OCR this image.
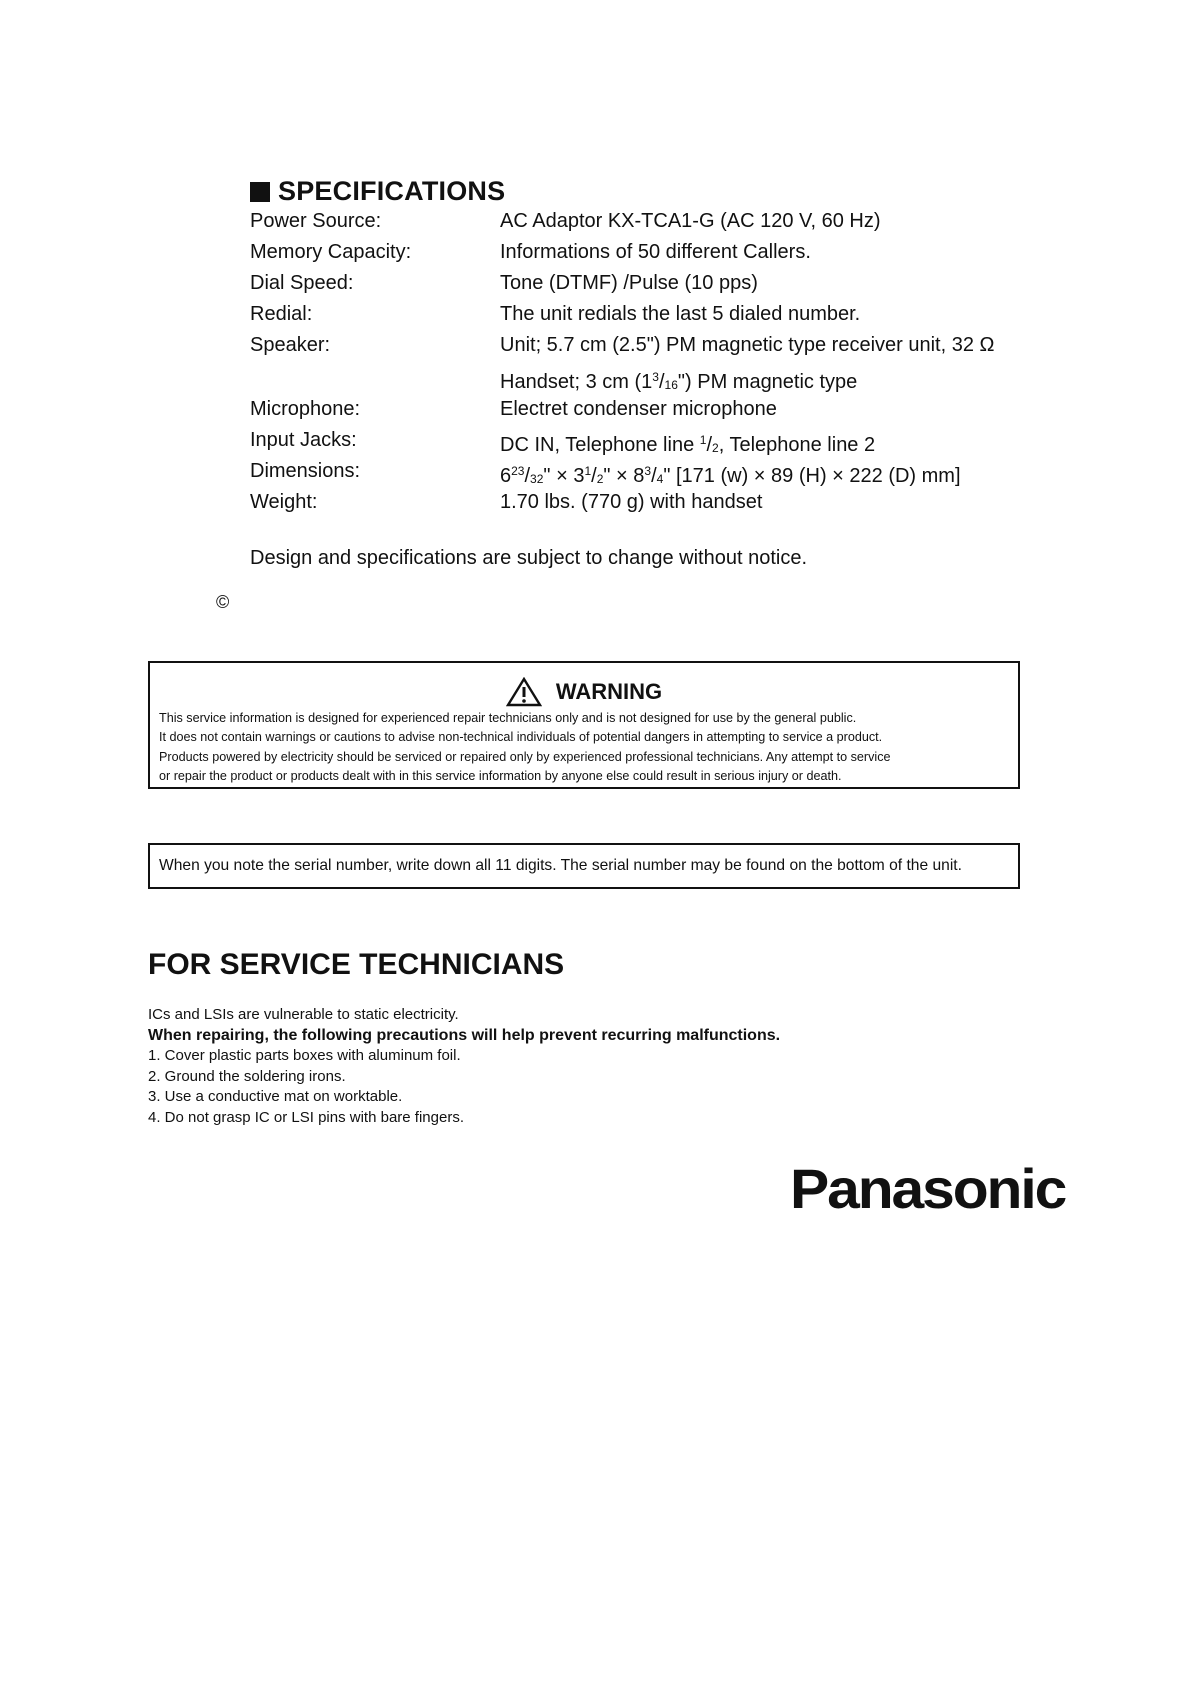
SPECIFICATIONS
Power Source:	AC Adaptor KX-TCA1-G (AC 120 V, 60 Hz)
Memory Capacity:	Informations of 50 different Callers.
Dial Speed:	Tone (DTMF) /Pulse (10 pps)
Redial:	The unit redials the last 5 dialed number.
Speaker:	Unit; 5.7 cm (2.5") PM magnetic type receiver unit, 32 Ω
Handset; 3 cm $(1^3/_{16}")$ PM magnetic type
Microphone:	Electret condenser microphone
Input Jacks:	DC IN, Telephone line $^1/_2$, Telephone line 2
Dimensions:	$6^{23}/_{32}$" × $3^1/_2$" × $8^3/_4$" [171 (w) × 89 (H) × 222 (D) mm]
Weight:	1.70 lbs. (770 g) with handset
Design and specifications are subject to change without notice.
©
WARNING
This service information is designed for experienced repair technicians only and is not designed for use by the general public.
It does not contain warnings or cautions to advise non-technical individuals of potential dangers in attempting to service a product.
Products powered by electricity should be serviced or repaired only by experienced professional technicians. Any attempt to service
or repair the product or products dealt with in this service information by anyone else could result in serious injury or death.
When you note the serial number, write down all 11 digits. The serial number may be found on the bottom of the unit.
FOR SERVICE TECHNICIANS
ICs and LSIs are vulnerable to static electricity.
When repairing, the following precautions will help prevent recurring malfunctions.
1. Cover plastic parts boxes with aluminum foil.
2. Ground the soldering irons.
3. Use a conductive mat on worktable.
4. Do not grasp IC or LSI pins with bare fingers.
Panasonic
